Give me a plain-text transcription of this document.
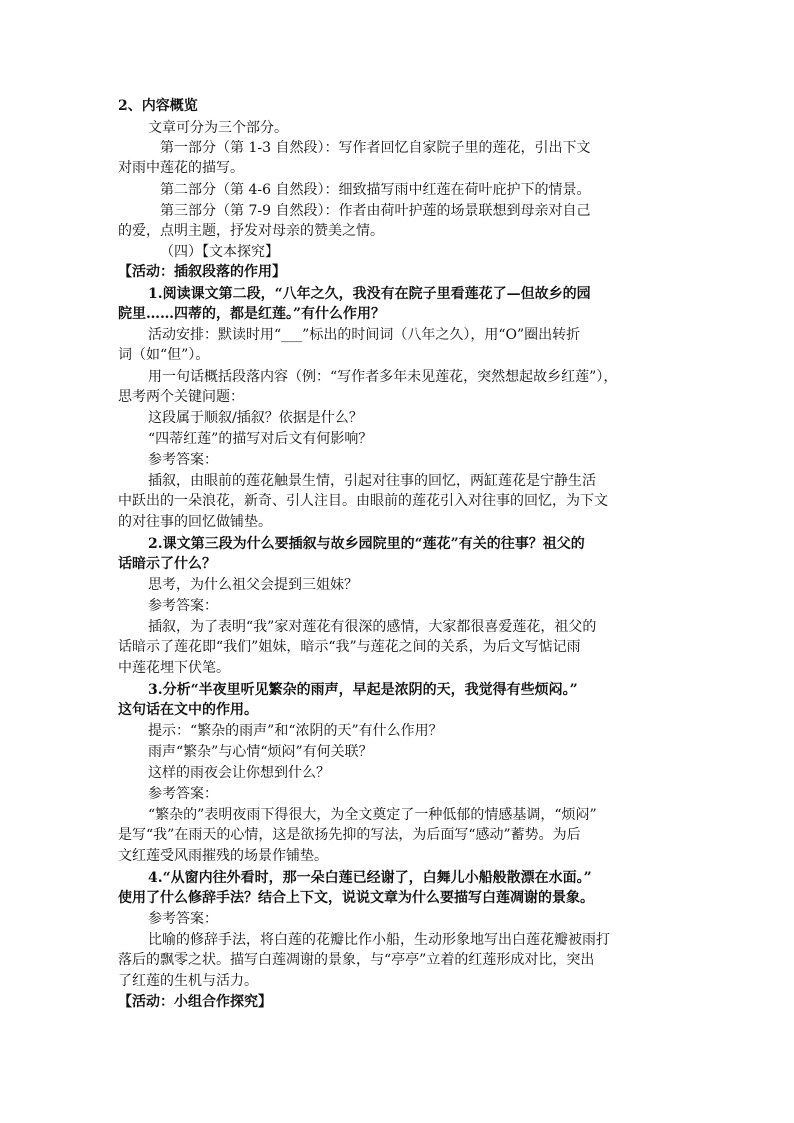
2、内容概览
文章可分为三个部分。
第一部分（第 1-3 自然段）：写作者回忆自家院子里的莲花，引出下文
对雨中莲花的描写。
第二部分（第 4-6 自然段）：细致描写雨中红莲在荷叶庇护下的情景。
第三部分（第 7-9 自然段）：作者由荷叶护莲的场景联想到母亲对自己
的爱，点明主题，抒发对母亲的赞美之情。
（四）【文本探究】
【活动：插叙段落的作用】
1.阅读课文第二段，“八年之久，我没有在院子里看莲花了—但故乡的园
院里……四蒂的，都是红莲。”有什么作用？
活动安排：默读时用“___”标出的时间词（八年之久），用“O”圈出转折
词（如“但”）。
用一句话概括段落内容（例：“写作者多年未见莲花，突然想起故乡红莲”），
思考两个关键问题：
这段属于顺叙/插叙？依据是什么？
“四蒂红莲”的描写对后文有何影响？
参考答案：
插叙，由眼前的莲花触景生情，引起对往事的回忆，两缸莲花是宁静生活
中跃出的一朵浪花，新奇、引人注目。由眼前的莲花引入对往事的回忆，为下文
的对往事的回忆做铺垫。
2.课文第三段为什么要插叙与故乡园院里的“莲花”有关的往事？祖父的
话暗示了什么？
思考，为什么祖父会提到三姐妹？
参考答案：
插叙，为了表明“我”家对莲花有很深的感情，大家都很喜爱莲花，祖父的
话暗示了莲花即“我们”姐妹，暗示“我”与莲花之间的关系，为后文写惦记雨
中莲花埋下伏笔。
3.分析“半夜里听见繁杂的雨声，早起是浓阴的天，我觉得有些烦闷。”
这句话在文中的作用。
提示：“繁杂的雨声”和“浓阴的天”有什么作用？
雨声“繁杂”与心情“烦闷”有何关联？
这样的雨夜会让你想到什么？
参考答案：
“繁杂的”表明夜雨下得很大，为全文奠定了一种低郁的情感基调，“烦闷”
是写“我”在雨天的心情，这是欲扬先抑的写法，为后面写“感动”蓄势。为后
文红莲受风雨摧残的场景作铺垫。
4.“从窗内往外看时，那一朵白莲已经谢了，白舞儿小船般散漂在水面。”
使用了什么修辞手法？结合上下文，说说文章为什么要描写白莲凋谢的景象。
参考答案：
比喻的修辞手法，将白莲的花瓣比作小船，生动形象地写出白莲花瓣被雨打
落后的飘零之状。描写白莲凋谢的景象，与“亭亭”立着的红莲形成对比，突出
了红莲的生机与活力。
【活动：小组合作探究】
